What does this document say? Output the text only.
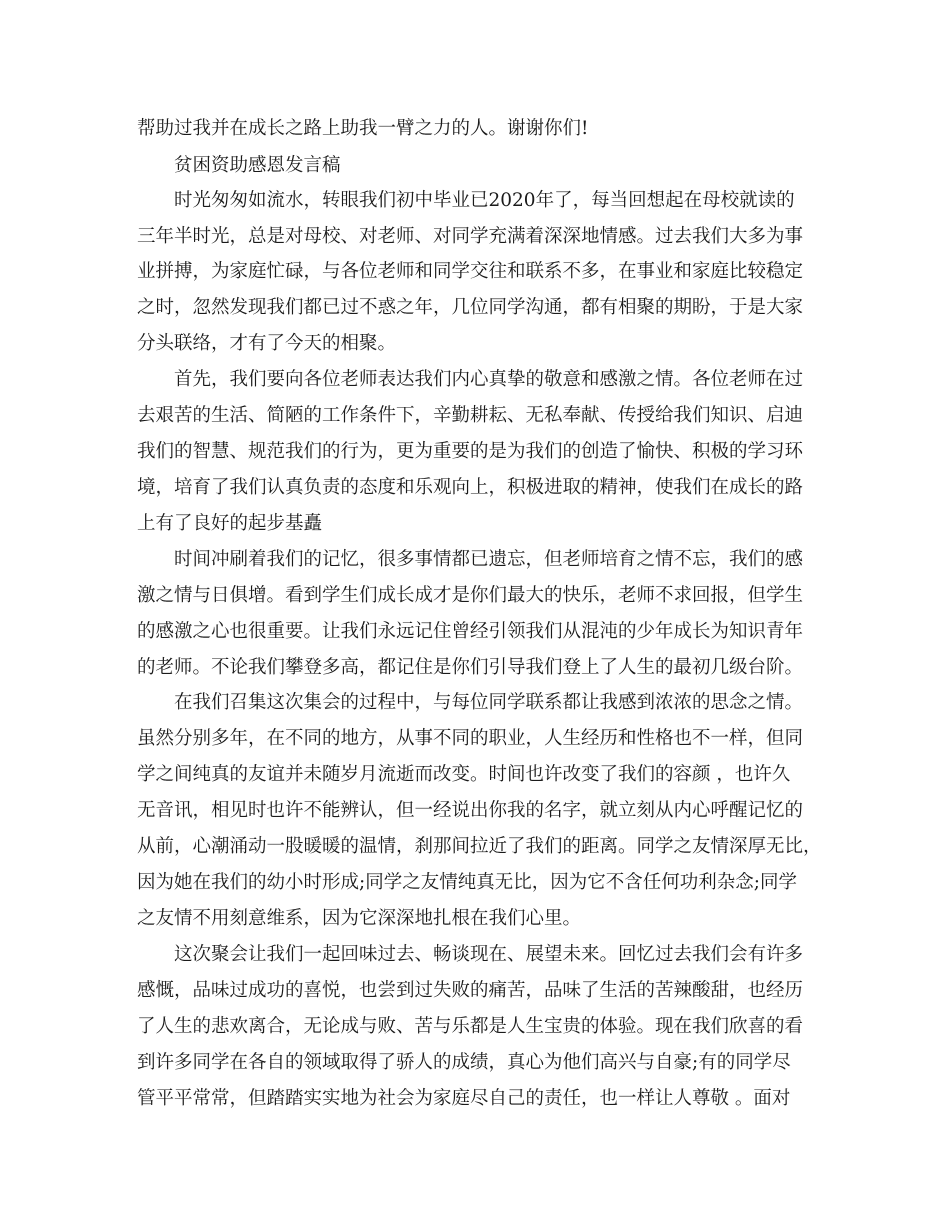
帮助过我并在成长之路上助我一臂之力的人。谢谢你们!
贫困资助感恩发言稿
时光匆匆如流水，转眼我们初中毕业已2020年了，每当回想起在母校就读的
三年半时光，总是对母校、对老师、对同学充满着深深地情感。过去我们大多为事
业拼搏，为家庭忙碌，与各位老师和同学交往和联系不多，在事业和家庭比较稳定
之时，忽然发现我们都已过不惑之年，几位同学沟通，都有相聚的期盼，于是大家
分头联络，才有了今天的相聚。
首先，我们要向各位老师表达我们内心真挚的敬意和感激之情。各位老师在过
去艰苦的生活、简陋的工作条件下，辛勤耕耘、无私奉献、传授给我们知识、启迪
我们的智慧、规范我们的行为，更为重要的是为我们的创造了愉快、积极的学习环
境，培育了我们认真负责的态度和乐观向上，积极进取的精神，使我们在成长的路
上有了良好的起步基矗
时间冲刷着我们的记忆，很多事情都已遗忘，但老师培育之情不忘，我们的感
激之情与日俱增。看到学生们成长成才是你们最大的快乐，老师不求回报，但学生
的感激之心也很重要。让我们永远记住曾经引领我们从混沌的少年成长为知识青年
的老师。不论我们攀登多高，都记住是你们引导我们登上了人生的最初几级台阶。
在我们召集这次集会的过程中，与每位同学联系都让我感到浓浓的思念之情。
虽然分别多年，在不同的地方，从事不同的职业，人生经历和性格也不一样，但同
学之间纯真的友谊并未随岁月流逝而改变。时间也许改变了我们的容颜 ，也许久
无音讯，相见时也许不能辨认，但一经说出你我的名字，就立刻从内心呼醒记忆的
从前，心潮涌动一股暖暖的温情，刹那间拉近了我们的距离。同学之友情深厚无比，
因为她在我们的幼小时形成;同学之友情纯真无比，因为它不含任何功利杂念;同学
之友情不用刻意维系，因为它深深地扎根在我们心里。
这次聚会让我们一起回味过去、畅谈现在、展望未来。回忆过去我们会有许多
感慨，品味过成功的喜悦，也尝到过失败的痛苦，品味了生活的苦辣酸甜，也经历
了人生的悲欢离合，无论成与败、苦与乐都是人生宝贵的体验。现在我们欣喜的看
到许多同学在各自的领域取得了骄人的成绩，真心为他们高兴与自豪;有的同学尽
管平平常常，但踏踏实实地为社会为家庭尽自己的责任，也一样让人尊敬 。面对
